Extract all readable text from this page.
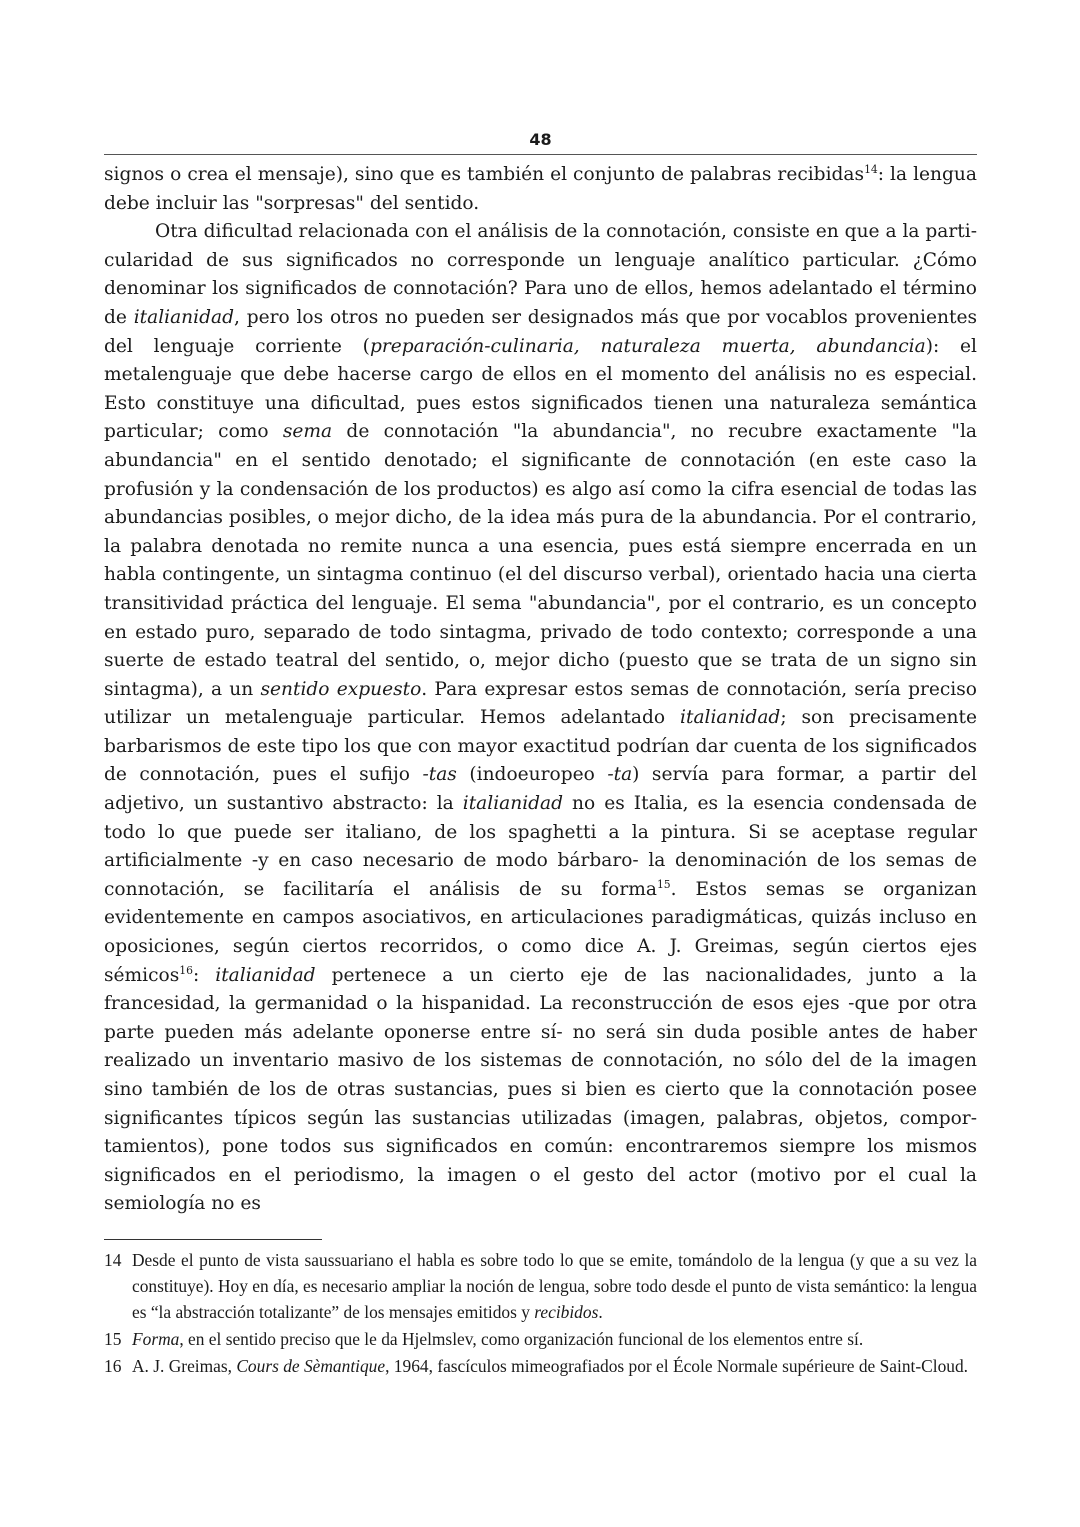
48

signos o crea el mensaje), sino que es también el conjunto de palabras recibidas$^{14}$: la lengua debe incluir las "sorpresas" del sentido.

Otra dificultad relacionada con el análisis de la connotación, consiste en que a la particularidad de sus significados no corresponde un lenguaje analítico particular. ¿Cómo denominar los significados de connotación? Para uno de ellos, hemos adelantado el término de italianidad, pero los otros no pueden ser designados más que por vocablos provenientes del lenguaje corriente (preparación-culinaria, naturaleza muerta, abundancia): el metalenguaje que debe hacerse cargo de ellos en el momento del análisis no es especial. Esto constituye una dificultad, pues estos significados tienen una naturaleza semántica particular; como sema de connotación "la abundancia", no recubre exactamente "la abundancia" en el sentido denotado; el significante de connotación (en este caso la profusión y la condensación de los productos) es algo así como la cifra esencial de todas las abundancias posibles, o mejor dicho, de la idea más pura de la abundancia. Por el contrario, la palabra denotada no remite nunca a una esencia, pues está siempre encerrada en un habla contingente, un sintagma continuo (el del discurso verbal), orientado hacia una cierta transitividad práctica del lenguaje. El sema "abundancia", por el contrario, es un concepto en estado puro, separado de todo sintagma, privado de todo contexto; corresponde a una suerte de estado teatral del sentido, o, mejor dicho (puesto que se trata de un signo sin sintagma), a un sentido expuesto. Para expresar estos semas de connotación, sería preciso utilizar un metalenguaje particular. Hemos adelantado italianidad; son precisamente barbarismos de este tipo los que con mayor exactitud podrían dar cuenta de los significados de connotación, pues el sufijo -tas (indoeuropeo -ta) servía para formar, a partir del adjetivo, un sustantivo abstracto: la italianidad no es Italia, es la esencia condensada de todo lo que puede ser italiano, de los spaghetti a la pintura. Si se aceptase regular artificialmente -y en caso necesario de modo bárbaro- la denominación de los semas de connotación, se facilitaría el análisis de su forma$^{15}$. Estos semas se organizan evidentemente en campos asociativos, en articulaciones paradigmáticas, quizás incluso en oposiciones, según ciertos recorridos, o como dice A. J. Greimas, según ciertos ejes sémicos$^{16}$: italianidad pertenece a un cierto eje de las nacionalidades, junto a la francesidad, la germanidad o la hispanidad. La reconstrucción de esos ejes -que por otra parte pueden más adelante oponerse entre sí- no será sin duda posible antes de haber realizado un inventario masivo de los sistemas de connotación, no sólo del de la imagen sino también de los de otras sustancias, pues si bien es cierto que la connotación posee significantes típicos según las sustancias utilizadas (imagen, palabras, objetos, comportamientos), pone todos sus significados en común: encontraremos siempre los mismos significados en el periodismo, la imagen o el gesto del actor (motivo por el cual la semiología no es

14 Desde el punto de vista saussuariano el habla es sobre todo lo que se emite, tomándolo de la lengua (y que a su vez la constituye). Hoy en día, es necesario ampliar la noción de lengua, sobre todo desde el punto de vista semántico: la lengua es “la abstracción totalizante” de los mensajes emitidos y recibidos.
15 Forma, en el sentido preciso que le da Hjelmslev, como organización funcional de los elementos entre sí.
16 A. J. Greimas, Cours de Sèmantique, 1964, fascículos mimeografiados por el École Normale supérieure de Saint-Cloud.
